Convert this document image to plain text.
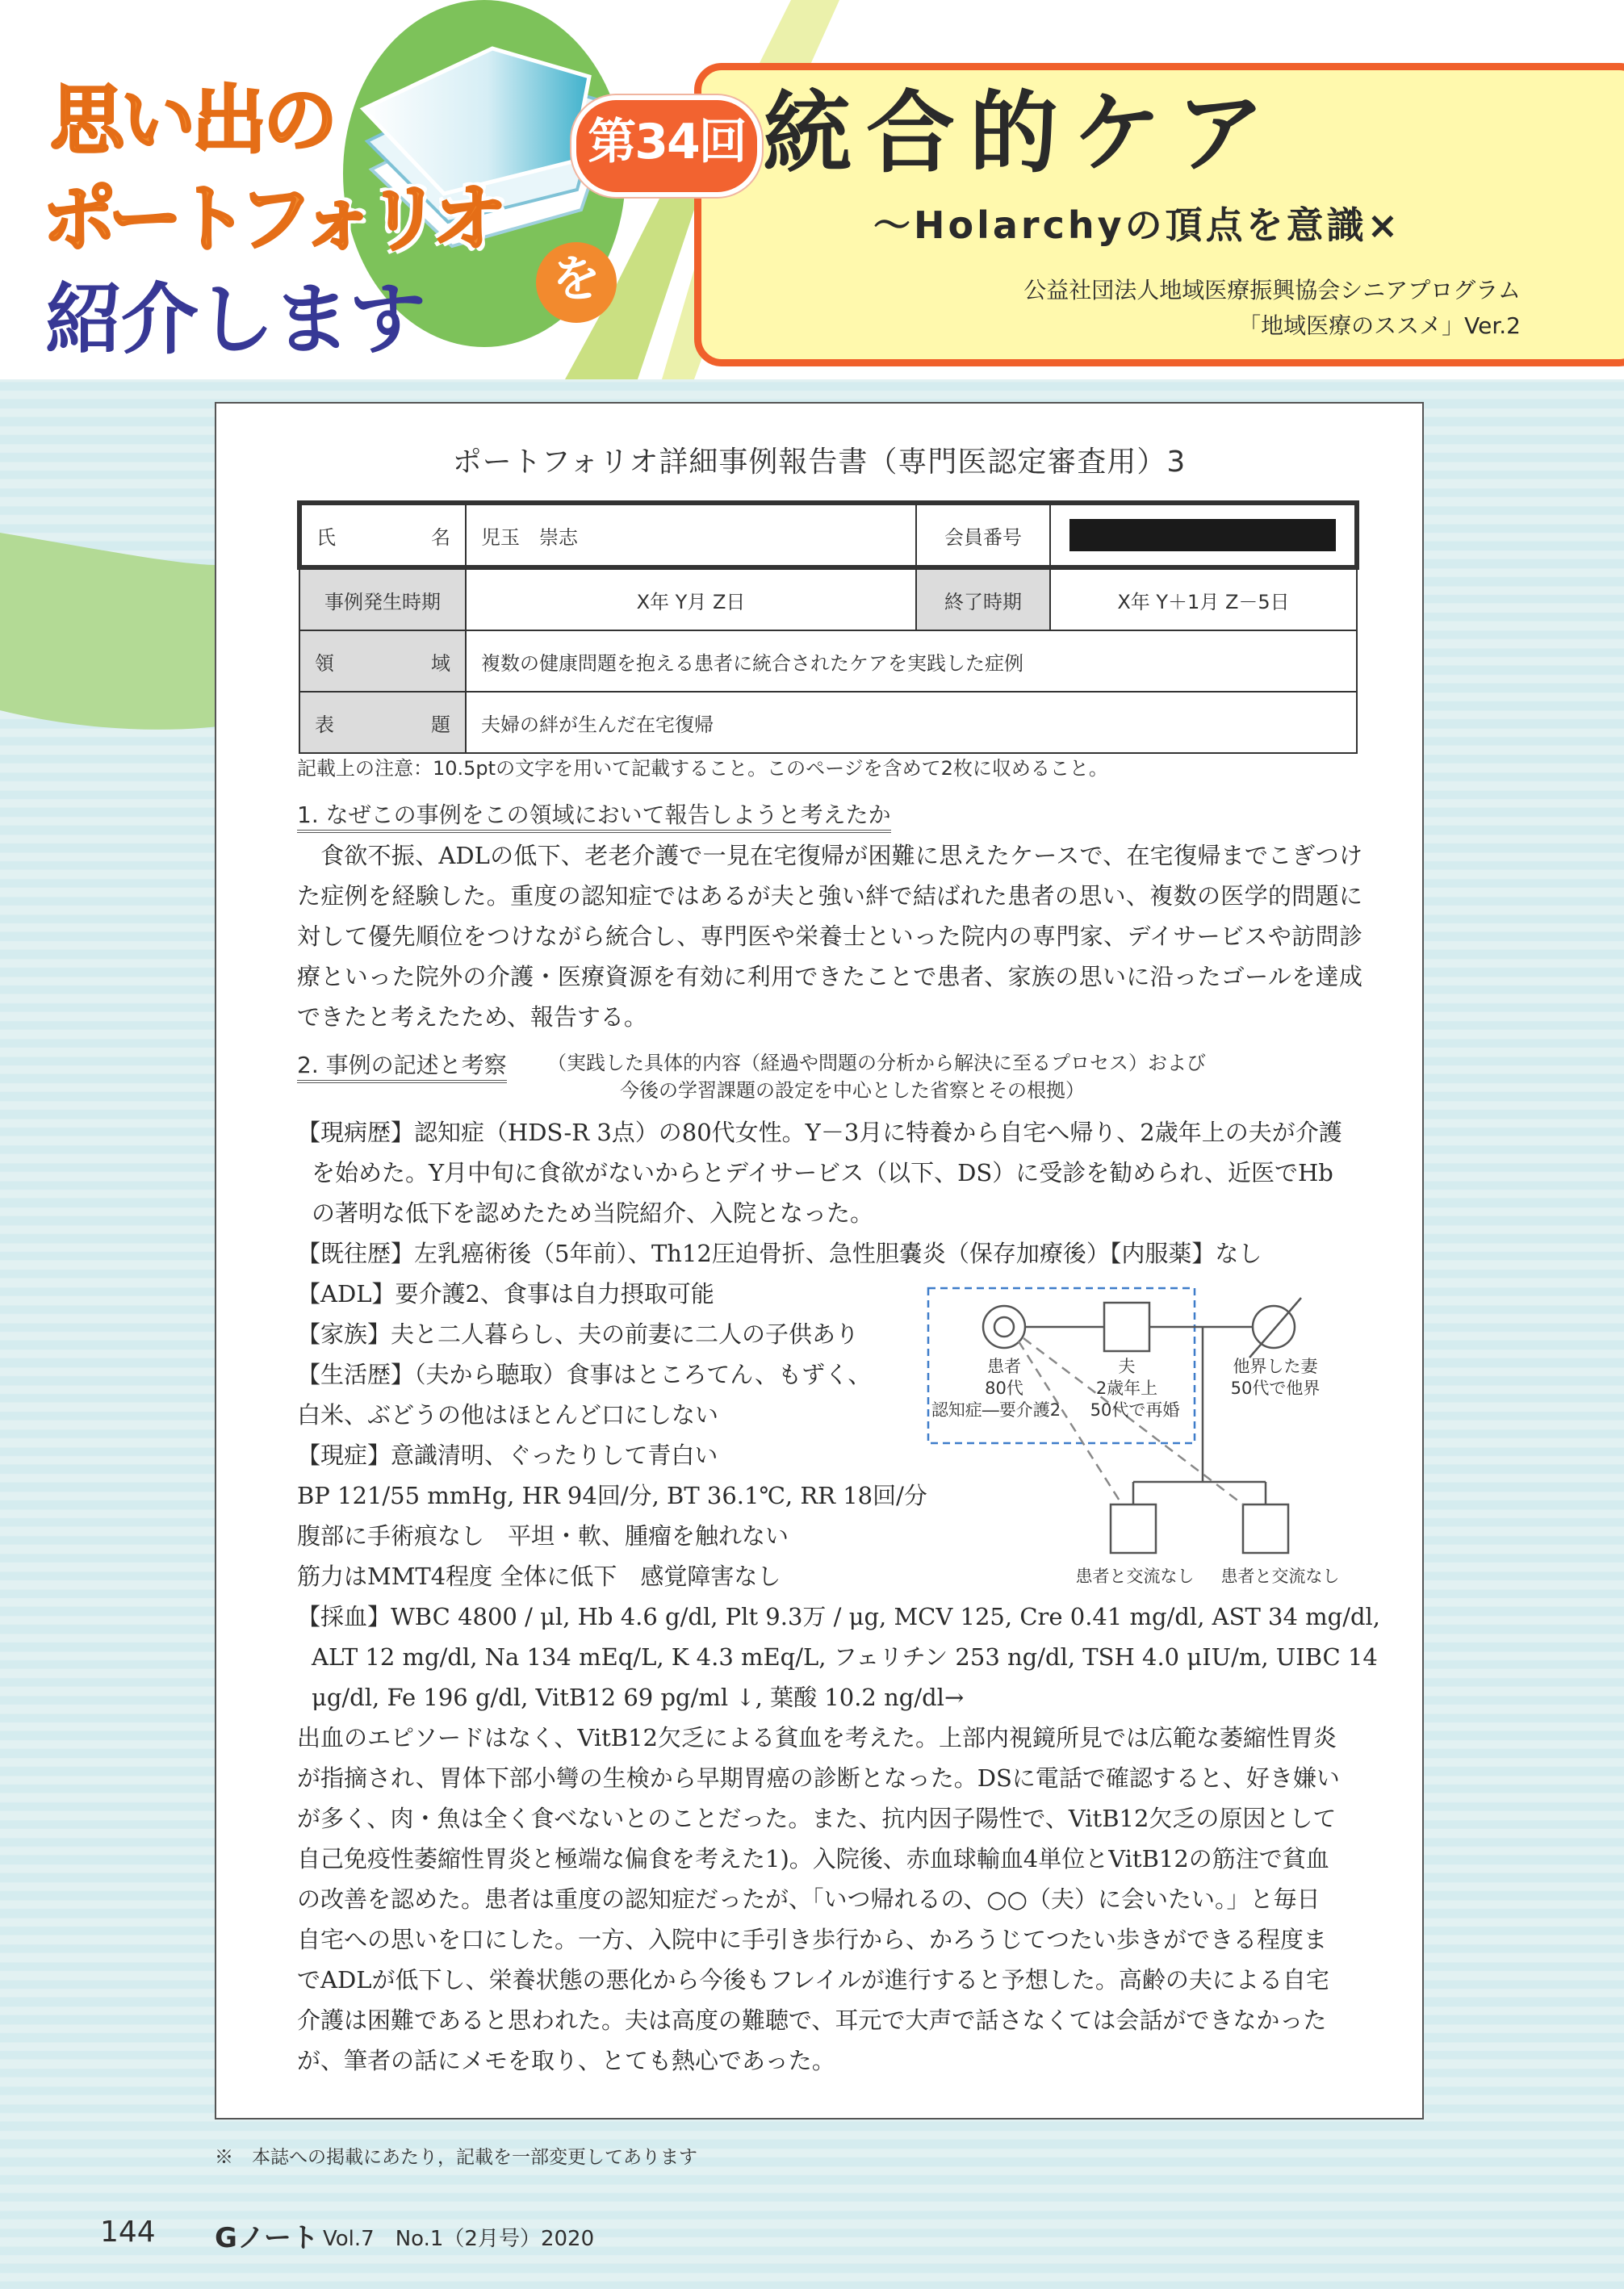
思い出の
を
ポートフォリオ
紹介します
第34回 統合的ケア
～Holarchyの頂点を意識×
公益社団法人地域医療振興協会シニアプログラム
「地域医療のススメ」Ver.2
ポートフォリオ詳細事例報告書（専門医認定審査用）3
氏　　名	児玉　崇志	会員番号	
事例発生時期	X年 Y月 Z日	終了時期	X年 Y＋1月 Z－5日
領　　域	複数の健康問題を抱える患者に統合されたケアを実践した症例		
表　　題	夫婦の絆が生んだ在宅復帰		
記載上の注意：10.5ptの文字を用いて記載すること。このページを含めて2枚に収めること。
1. なぜこの事例をこの領域において報告しようと考えたか
食欲不振、ADLの低下、老老介護で一見在宅復帰が困難に思えたケースで、在宅復帰までこぎつけた症例を経験した。重度の認知症ではあるが夫と強い絆で結ばれた患者の思い、複数の医学的問題に対して優先順位をつけながら統合し、専門医や栄養士といった院内の専門家、デイサービスや訪問診療といった院外の介護・医療資源を有効に利用できたことで患者、家族の思いに沿ったゴールを達成できたと考えたため、報告する。
2. 事例の記述と考察 （実践した具体的内容（経過や問題の分析から解決に至るプロセス）および
今後の学習課題の設定を中心とした省察とその根拠）
【現病歴】認知症（HDS-R 3点）の80代女性。Y－3月に特養から自宅へ帰り、2歳年上の夫が介護
を始めた。Y月中旬に食欲がないからとデイサービス（以下、DS）に受診を勧められ、近医でHb
の著明な低下を認めたため当院紹介、入院となった。
【既往歴】左乳癌術後（5年前）、Th12圧迫骨折、急性胆嚢炎（保存加療後）【内服薬】なし
【ADL】要介護2、食事は自力摂取可能
【家族】夫と二人暮らし、夫の前妻に二人の子供あり
【生活歴】（夫から聴取）食事はところてん、もずく、
白米、ぶどうの他はほとんど口にしない
【現症】意識清明、ぐったりして青白い
BP 121/55 mmHg, HR 94回/分, BT 36.1℃, RR 18回/分
腹部に手術痕なし　平坦・軟、腫瘤を触れない
筋力はMMT4程度 全体に低下　感覚障害なし
【採血】WBC 4800 / μl, Hb 4.6 g/dl, Plt 9.3万 / μg, MCV 125, Cre 0.41 mg/dl, AST 34 mg/dl,
ALT 12 mg/dl, Na 134 mEq/L, K 4.3 mEq/L, フェリチン 253 ng/dl, TSH 4.0 μIU/m, UIBC 14
μg/dl, Fe 196 g/dl, VitB12 69 pg/ml ↓, 葉酸 10.2 ng/dl→
出血のエピソードはなく、VitB12欠乏による貧血を考えた。上部内視鏡所見では広範な萎縮性胃炎
が指摘され、胃体下部小彎の生検から早期胃癌の診断となった。DSに電話で確認すると、好き嫌い
が多く、肉・魚は全く食べないとのことだった。また、抗内因子陽性で、VitB12欠乏の原因として
自己免疫性萎縮性胃炎と極端な偏食を考えた1)。入院後、赤血球輸血4単位とVitB12の筋注で貧血
の改善を認めた。患者は重度の認知症だったが、「いつ帰れるの、○○（夫）に会いたい。」と毎日
自宅への思いを口にした。一方、入院中に手引き歩行から、かろうじてつたい歩きができる程度ま
でADLが低下し、栄養状態の悪化から今後もフレイルが進行すると予想した。高齢の夫による自宅
介護は困難であると思われた。夫は高度の難聴で、耳元で大声で話さなくては会話ができなかった
が、筆者の話にメモを取り、とても熱心であった。
患者
80代
認知症―要介護2
夫
2歳年上
50代で再婚
他界した妻
50代で他界
患者と交流なし 患者と交流なし
※　本誌への掲載にあたり，記載を一部変更してあります
144 Gノート Vol.7　No.1（2月号）2020
